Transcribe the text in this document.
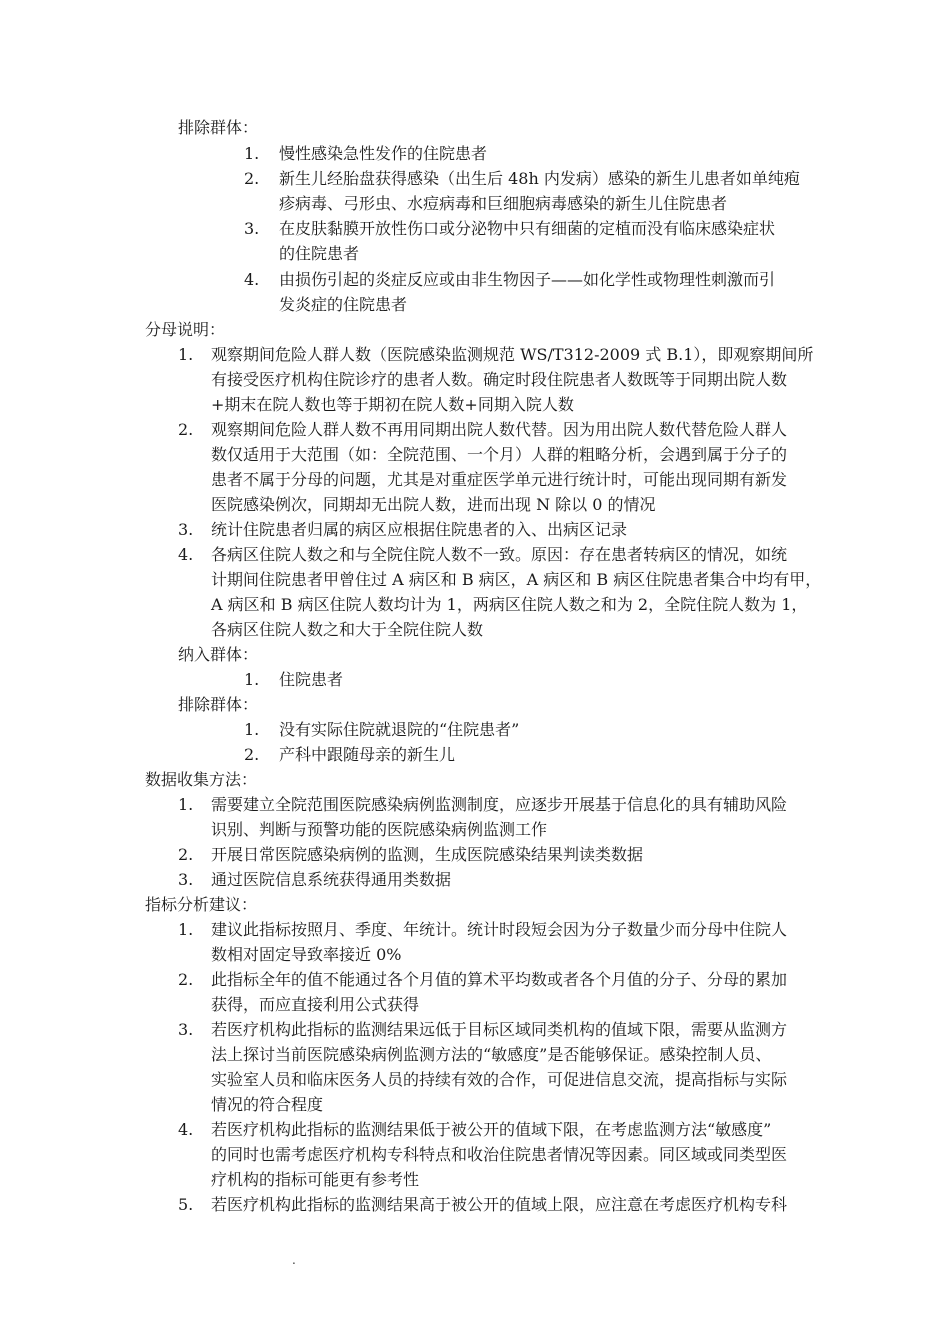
排除群体：
1. 慢性感染急性发作的住院患者
2. 新生儿经胎盘获得感染（出生后 48h 内发病）感染的新生儿患者如单纯疱
疹病毒、弓形虫、水痘病毒和巨细胞病毒感染的新生儿住院患者
3. 在皮肤黏膜开放性伤口或分泌物中只有细菌的定植而没有临床感染症状
的住院患者
4. 由损伤引起的炎症反应或由非生物因子——如化学性或物理性刺激而引
发炎症的住院患者
分母说明：
1. 观察期间危险人群人数（医院感染监测规范 WS/T312-2009 式 B.1），即观察期间所
有接受医疗机构住院诊疗的患者人数。确定时段住院患者人数既等于同期出院人数
+期末在院人数也等于期初在院人数+同期入院人数
2. 观察期间危险人群人数不再用同期出院人数代替。因为用出院人数代替危险人群人
数仅适用于大范围（如：全院范围、一个月）人群的粗略分析，会遇到属于分子的
患者不属于分母的问题，尤其是对重症医学单元进行统计时，可能出现同期有新发
医院感染例次，同期却无出院人数，进而出现 N 除以 0 的情况
3. 统计住院患者归属的病区应根据住院患者的入、出病区记录
4. 各病区住院人数之和与全院住院人数不一致。原因：存在患者转病区的情况，如统
计期间住院患者甲曾住过 A 病区和 B 病区，A 病区和 B 病区住院患者集合中均有甲，
A 病区和 B 病区住院人数均计为 1，两病区住院人数之和为 2，全院住院人数为 1，
各病区住院人数之和大于全院住院人数
纳入群体：
1. 住院患者
排除群体：
1. 没有实际住院就退院的“住院患者”
2. 产科中跟随母亲的新生儿
数据收集方法：
1. 需要建立全院范围医院感染病例监测制度，应逐步开展基于信息化的具有辅助风险
识别、判断与预警功能的医院感染病例监测工作
2. 开展日常医院感染病例的监测，生成医院感染结果判读类数据
3. 通过医院信息系统获得通用类数据
指标分析建议：
1. 建议此指标按照月、季度、年统计。统计时段短会因为分子数量少而分母中住院人
数相对固定导致率接近 0%
2. 此指标全年的值不能通过各个月值的算术平均数或者各个月值的分子、分母的累加
获得，而应直接利用公式获得
3. 若医疗机构此指标的监测结果远低于目标区域同类机构的值域下限，需要从监测方
法上探讨当前医院感染病例监测方法的“敏感度”是否能够保证。感染控制人员、
实验室人员和临床医务人员的持续有效的合作，可促进信息交流，提高指标与实际
情况的符合程度
4. 若医疗机构此指标的监测结果低于被公开的值域下限，在考虑监测方法“敏感度”
的同时也需考虑医疗机构专科特点和收治住院患者情况等因素。同区域或同类型医
疗机构的指标可能更有参考性
5. 若医疗机构此指标的监测结果高于被公开的值域上限，应注意在考虑医疗机构专科
.
